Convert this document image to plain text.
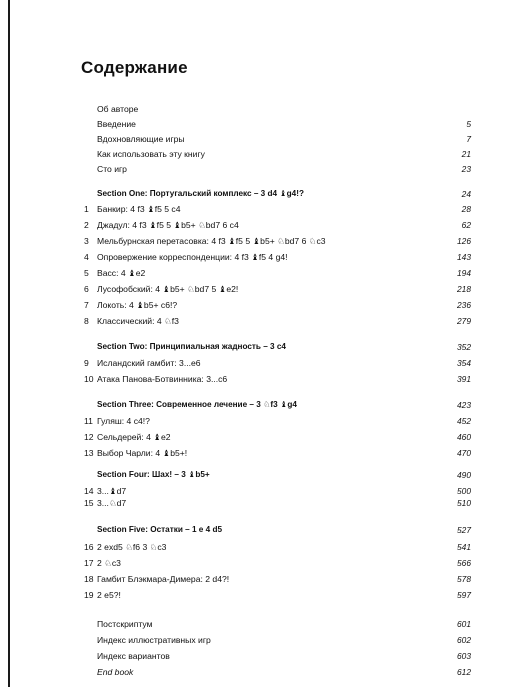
Содержание
Об авторе
Введение	5
Вдохновляющие игры	7
Как использовать эту книгу	21
Сто игр	23
Section One: Португальский комплекс – 3 d4 ♝g4!?	24
1 Банкир: 4 f3 ♝f5 5 c4	28
2 Джадул: 4 f3 ♝f5 5 ♝b5+ ♘bd7 6 c4	62
3 Мельбурнская перетасовка: 4 f3 ♝f5 5 ♝b5+ ♘bd7 6 ♘c3	126
4 Опровержение корреспонденции: 4 f3 ♝f5 4 g4!	143
5 Васс: 4 ♝e2	194
6 Лусофобский: 4 ♝b5+ ♘bd7 5 ♝e2!	218
7 Локоть: 4 ♝b5+ c6!?	236
8 Классический: 4 ♘f3	279
Section Two: Принципиальная жадность – 3 c4	352
9 Исландский гамбит: 3...e6	354
10 Атака Панова-Ботвинника: 3...c6	391
Section Three: Современное лечение – 3 ♘f3 ♝g4	423
11 Гуляш: 4 c4!?	452
12 Сельдерей: 4 ♝e2	460
13 Выбор Чарли: 4 ♝b5+!	470
Section Four: Шах! – 3 ♝b5+	490
14 3...♝d7	500
15 3...♘d7	510
Section Five: Остатки – 1 e 4 d5	527
16 2 exd5 ♘f6 3 ♘c3	541
17 2 ♘c3	566
18 Гамбит Блэкмара-Димера: 2 d4?!	578
19 2 e5?!	597
Постскриптум	601
Индекс иллюстративных игр	602
Индекс вариантов	603
End book	612
